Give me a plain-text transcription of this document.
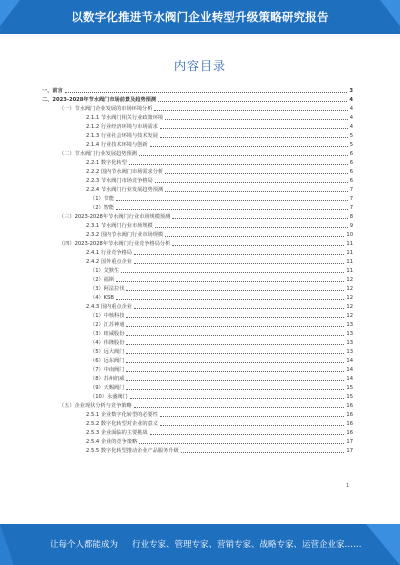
以数字化推进节水阀门企业转型升级策略研究报告
内容目录
一、前言	3
二、2023-2028年节水阀门市场前景及趋势预测	4
（一）节水阀门企业发展的市场环境分析	4
2.1.1 节水阀门相关行业政策环境	4
2.1.2 行业经济环境与市场需求	4
2.1.3 行业社会环境与技术发展	5
2.1.4 行业技术环境与创新	5
（二）节水阀门行业发展趋势预测	6
2.2.1 数字化转型	6
2.2.2 国内节水阀门市场需求分析	6
2.2.3 节水阀门市场竞争格局	6
2.2.4 节水阀门行业发展趋势预测	7
（1）节能	7
（2）智能	7
（三）2023-2028年节水阀门行业市场规模预测	8
2.3.1 节水阀门行业市场规模	9
2.3.2 国内节水阀门行业市场规模	10
（四）2023-2028年节水阀门行业竞争格局分析	11
2.4.1 行业竞争格局	11
2.4.2 国外重点企业	11
（1）艾默生	11
（2）福斯	12
（3）阿法拉伐	12
（4）KSB	12
2.4.3 国内重点企业	12
（1）中核科技	12
（2）江苏神通	13
（3）纽威股份	13
（4）伟隆股份	13
（5）远大阀门	13
（6）远东阀门	14
（7）中南阀门	14
（8）苏州纽威	14
（9）天赐阀门	15
（10）永盛阀门	15
（五）企业现状分析与竞争策略	16
2.5.1 企业数字化转型的必要性	16
2.5.2 数字化转型对企业的意义	16
2.5.3 企业面临的主要挑战	16
2.5.4 企业的竞争策略	17
2.5.5 数字化转型推动企业产品服务升级	17
1
让每个人都能成为 行业专家、管理专家、营销专家、战略专家、运营企业家……
